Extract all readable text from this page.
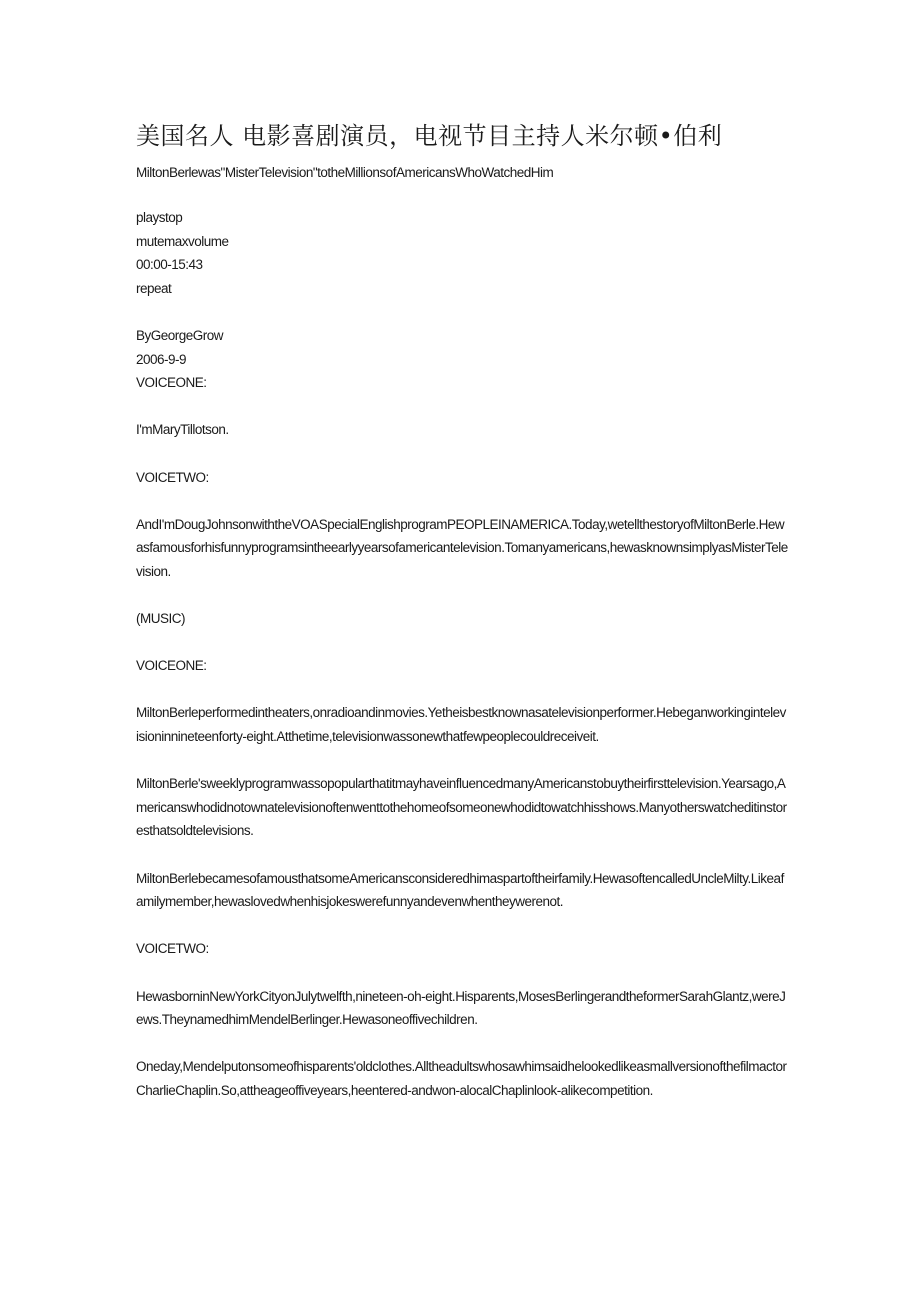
美国名人 电影喜剧演员，电视节目主持人米尔顿•伯利

MiltonBerlewas"MisterTelevision"totheMillionsofAmericansWhoWatchedHim

playstop

mutemaxvolume

00:00-15:43

repeat

ByGeorgeGrow

2006-9-9

VOICEONE:

I'mMaryTillotson.

VOICETWO:

AndI'mDougJohnsonwiththeVOASpecialEnglishprogramPEOPLEINAMERICA.Today,wetellthestoryofMiltonBerle.Hewasfamousforhisfunnyprogramsintheearlyyearsofamericantelevision.Tomanyamericans,hewasknownsimplyasMisterTelevision.

(MUSIC)

VOICEONE:

MiltonBerleperformedintheaters,onradioandinmovies.Yetheisbestknownasatelevisionperformer.Hebeganworkingintelevisioninnineteenforty-eight.Atthetime,televisionwassonewthatfewpeoplecouldreceiveit.

MiltonBerle'sweeklyprogramwassopopularthatitmayhaveinfluencedmanyAmericanstobuytheirfirsttelevision.Yearsago,Americanswhodidnotownatelevisionoftenwenttothehomeofsomeonewhodidtowatchhisshows.Manyotherswatcheditinstoresthatsoldtelevisions.

MiltonBerlebecamesofamousthatsomeAmericansconsideredhimaspartoftheirfamily.HewasoftencalledUncleMilty.Likeafamilymember,hewaslovedwhenhisjokeswerefunnyandevenwhentheywerenot.

VOICETWO:

HewasborninNewYorkCityonJulytwelfth,nineteen-oh-eight.Hisparents,MosesBerlingerandtheformerSarahGlantz,wereJews.TheynamedhimMendelBerlinger.Hewasoneoffivechildren.

Oneday,Mendelputonsomeofhisparents'oldclothes.AlltheadultswhosawhimsaidhelookedlikeasmallversionofthefilmactorCharlieChaplin.So,attheageoffiveyears,heentered-andwon-alocalChaplinlook-alikecompetition.
